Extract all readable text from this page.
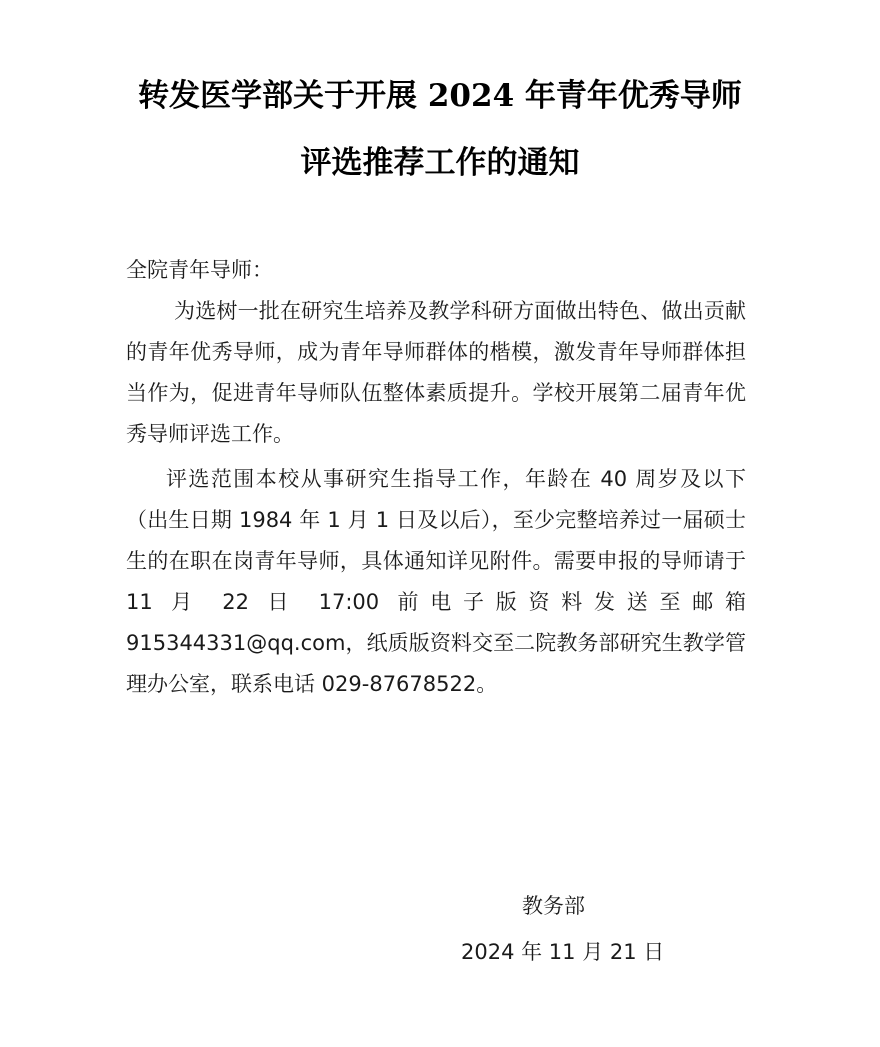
转发医学部关于开展 2024 年青年优秀导师
评选推荐工作的通知
全院青年导师：
为选树一批在研究生培养及教学科研方面做出特色、做出贡献的青年优秀导师，成为青年导师群体的楷模，激发青年导师群体担当作为，促进青年导师队伍整体素质提升。学校开展第二届青年优秀导师评选工作。
评选范围本校从事研究生指导工作，年龄在 40 周岁及以下（出生日期 1984 年 1 月 1 日及以后），至少完整培养过一届硕士生的在职在岗青年导师，具体通知详见附件。需要申报的导师请于 11 月 22 日 17:00 前电子版资料发送至邮箱 915344331@qq.com，纸质版资料交至二院教务部研究生教学管理办公室，联系电话 029-87678522。
教务部
2024 年 11 月 21 日
